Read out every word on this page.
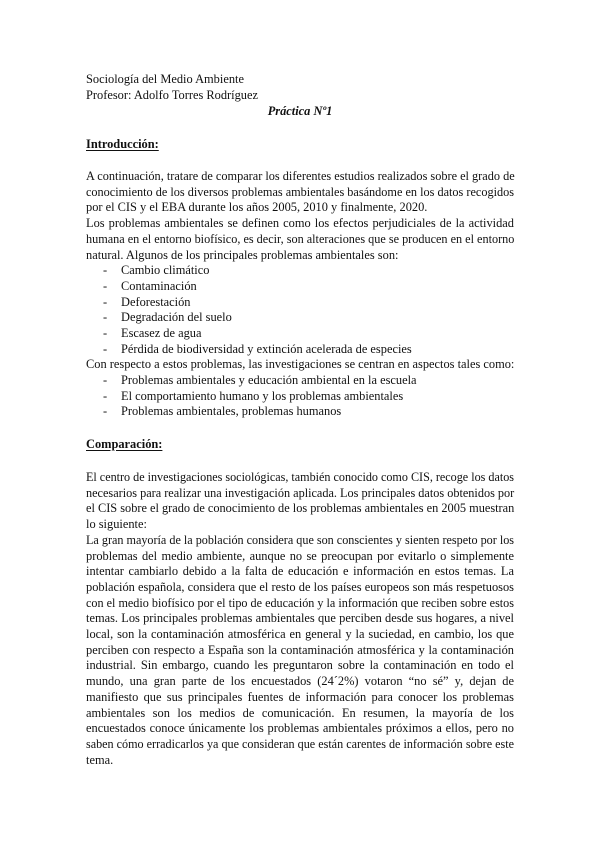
Sociología del Medio Ambiente
Profesor: Adolfo Torres Rodríguez
Práctica Nº1
Introducción:
A continuación, tratare de comparar los diferentes estudios realizados sobre el grado de
conocimiento de los diversos problemas ambientales basándome en los datos recogidos
por el CIS y el EBA durante los años 2005, 2010 y finalmente, 2020.
Los problemas ambientales se definen como los efectos perjudiciales de la actividad
humana en el entorno biofísico, es decir, son alteraciones que se producen en el entorno
natural. Algunos de los principales problemas ambientales son:
- Cambio climático
- Contaminación
- Deforestación
- Degradación del suelo
- Escasez de agua
- Pérdida de biodiversidad y extinción acelerada de especies
Con respecto a estos problemas, las investigaciones se centran en aspectos tales como:
- Problemas ambientales y educación ambiental en la escuela
- El comportamiento humano y los problemas ambientales
- Problemas ambientales, problemas humanos
Comparación:
El centro de investigaciones sociológicas, también conocido como CIS, recoge los datos
necesarios para realizar una investigación aplicada. Los principales datos obtenidos por
el CIS sobre el grado de conocimiento de los problemas ambientales en 2005 muestran
lo siguiente:
La gran mayoría de la población considera que son conscientes y sienten respeto por los
problemas del medio ambiente, aunque no se preocupan por evitarlo o simplemente
intentar cambiarlo debido a la falta de educación e información en estos temas. La
población española, considera que el resto de los países europeos son más respetuosos
con el medio biofísico por el tipo de educación y la información que reciben sobre estos
temas. Los principales problemas ambientales que perciben desde sus hogares, a nivel
local, son la contaminación atmosférica en general y la suciedad, en cambio, los que
perciben con respecto a España son la contaminación atmosférica y la contaminación
industrial. Sin embargo, cuando les preguntaron sobre la contaminación en todo el
mundo, una gran parte de los encuestados (24´2%) votaron “no sé” y, dejan de
manifiesto que sus principales fuentes de información para conocer los problemas
ambientales son los medios de comunicación. En resumen, la mayoría de los
encuestados conoce únicamente los problemas ambientales próximos a ellos, pero no
saben cómo erradicarlos ya que consideran que están carentes de información sobre este
tema.
